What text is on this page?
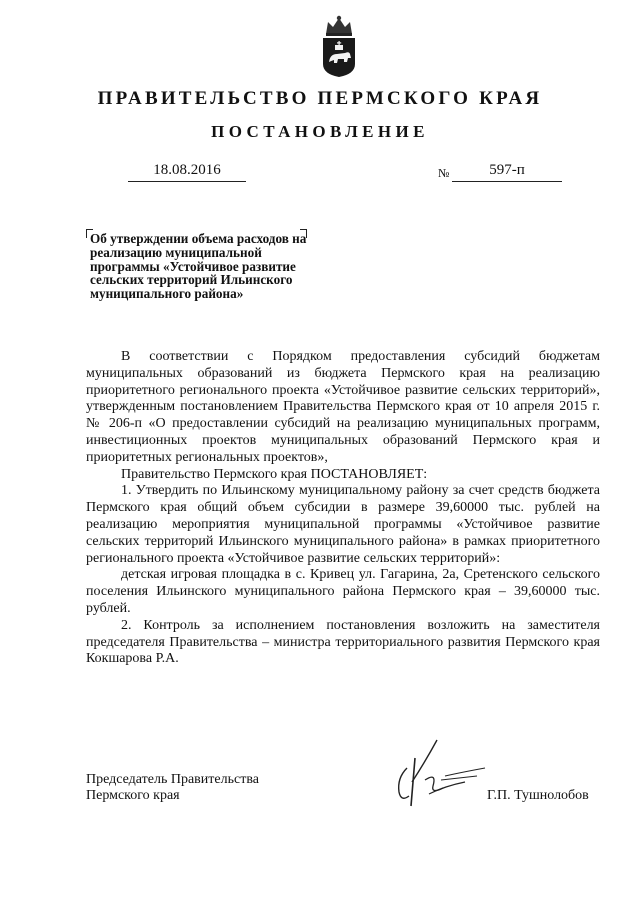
ПРАВИТЕЛЬСТВО ПЕРМСКОГО КРАЯ
ПОСТАНОВЛЕНИЕ
18.08.2016	№	597-п
Об утверждении объема расходов на реализацию муниципальной программы «Устойчивое развитие сельских территорий Ильинского муниципального района»

В соответствии с Порядком предоставления субсидий бюджетам муниципальных образований из бюджета Пермского края на реализацию приоритетного регионального проекта «Устойчивое развитие сельских территорий», утвержденным постановлением Правительства Пермского края от 10 апреля 2015 г. № 206-п «О предоставлении субсидий на реализацию муниципальных программ, инвестиционных проектов муниципальных образований Пермского края и приоритетных региональных проектов»,

Правительство Пермского края ПОСТАНОВЛЯЕТ:

1. Утвердить по Ильинскому муниципальному району за счет средств бюджета Пермского края общий объем субсидии в размере 39,60000 тыс. рублей на реализацию мероприятия муниципальной программы «Устойчивое развитие сельских территорий Ильинского муниципального района» в рамках приоритетного регионального проекта «Устойчивое развитие сельских территорий»:

детская игровая площадка в с. Кривец ул. Гагарина, 2а, Сретенского сельского поселения Ильинского муниципального района Пермского края – 39,60000 тыс. рублей.

2. Контроль за исполнением постановления возложить на заместителя председателя Правительства – министра территориального развития Пермского края Кокшарова Р.А.

Председатель Правительства
Пермского края	Г.П. Тушнолобов
